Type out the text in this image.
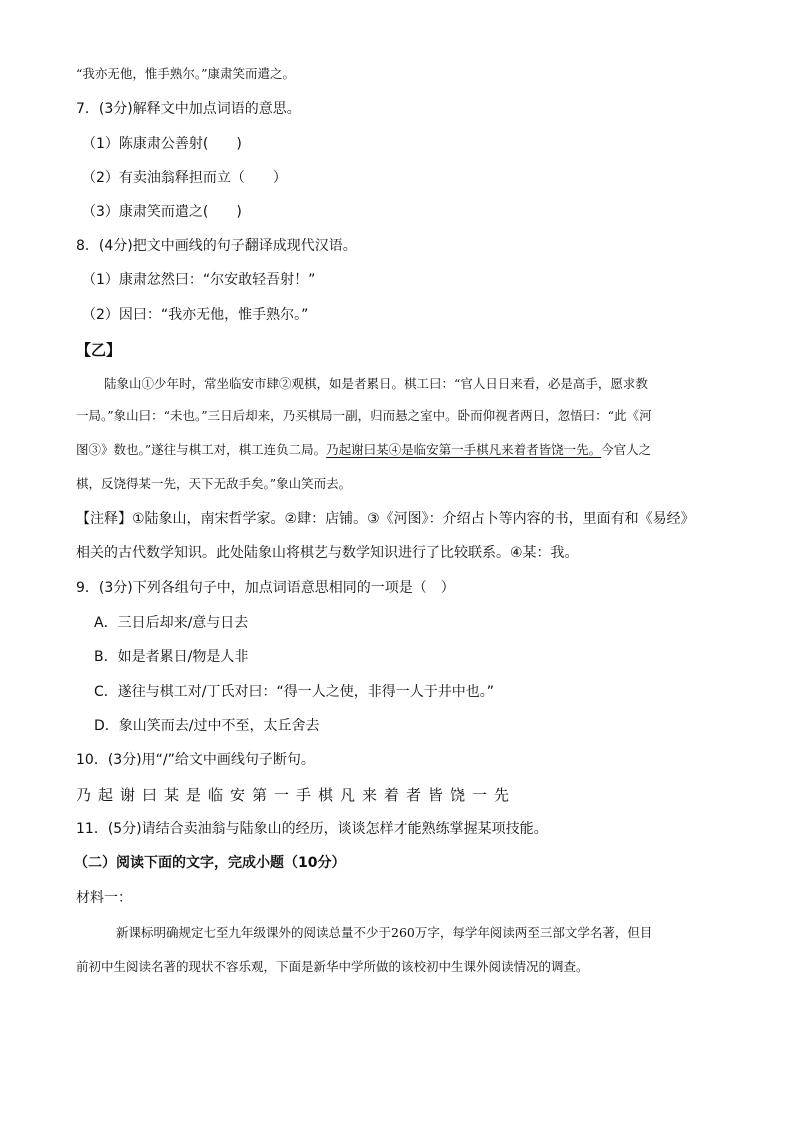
“我亦无他，惟手熟尔。”康肃笑而遣之。
7．(3分)解释文中加点词语的意思。
（1）陈康肃公善射(　　)
（2）有卖油翁释担而立（　　）
（3）康肃笑而遣之(　　)
8．(4分)把文中画线的句子翻译成现代汉语。
（1）康肃忿然曰：“尔安敢轻吾射！”
（2）因曰：“我亦无他，惟手熟尔。”
【乙】
陆象山①少年时，常坐临安市肆②观棋，如是者累日。棋工曰：“官人日日来看，必是高手，愿求教
一局。”象山曰：“未也。”三日后却来，乃买棋局一副，归而悬之室中。卧而仰视者两日，忽悟曰：“此《河
图③》数也。”遂往与棋工对，棋工连负二局。乃起谢曰某④是临安第一手棋凡来着者皆饶一先。今官人之
棋，反饶得某一先，天下无敌手矣。”象山笑而去。
【注释】①陆象山，南宋哲学家。②肆：店铺。③《河图》：介绍占卜等内容的书，里面有和《易经》
相关的古代数学知识。此处陆象山将棋艺与数学知识进行了比较联系。④某：我。
9．(3分)下列各组句子中，加点词语意思相同的一项是（　）
A．三日后却来/意与日去
B．如是者累日/物是人非
C．遂往与棋工对/丁氏对曰：“得一人之使，非得一人于井中也。”
D．象山笑而去/过中不至，太丘舍去
10．(3分)用“/”给文中画线句子断句。
乃起谢曰某是临安第一手棋凡来着者皆饶一先
11．(5分)请结合卖油翁与陆象山的经历，谈谈怎样才能熟练掌握某项技能。
（二）阅读下面的文字，完成小题（10分）
材料一：
新课标明确规定七至九年级课外的阅读总量不少于260万字，每学年阅读两至三部文学名著，但目
前初中生阅读名著的现状不容乐观，下面是新华中学所做的该校初中生课外阅读情况的调查。
